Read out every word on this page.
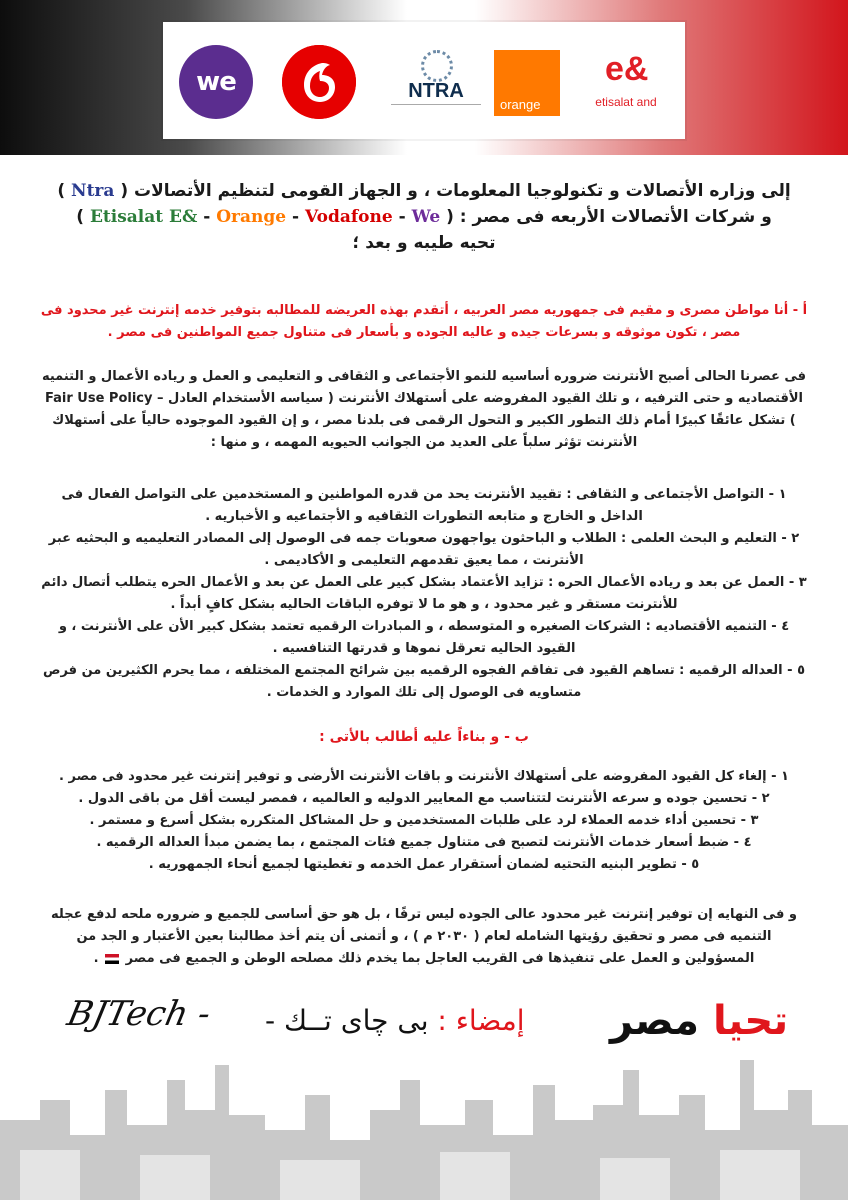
we	NTRA
orange
e&
etisalat and
إلى وزاره الأتصالات و تكنولوجيا المعلومات ، و الجهاز القومى لتنظيم الأتصالات ( Ntra )
و شركات الأتصالات الأربعه فى مصر : ( Etisalat E& - Orange - Vodafone - We )
تحيه طيبه و بعد ؛
أ - أنا مواطن مصرى و مقيم فى جمهوريه مصر العربيه ، أتقدم بهذه العريضه للمطالبه بتوفير خدمه إنترنت غير محدود فى مصر ، تكون موثوقه و بسرعات جيده و عاليه الجوده و بأسعار فى متناول جميع المواطنين فى مصر .
فى عصرنا الحالى أصبح الأنترنت ضروره أساسيه للنمو الأجتماعى و الثقافى و التعليمى و العمل و رياده الأعمال و التنميه الأقتصاديه و حتى الترفيه ، و تلك القيود المفروضه على أستهلاك الأنترنت ( سياسه الأستخدام العادل – Fair Use Policy ) تشكل عائقًا كبيرًا أمام ذلك التطور الكبير و التحول الرقمى فى بلدنا مصر ، و إن القيود الموجوده حالياً على أستهلاك الأنترنت تؤثر سلباً على العديد من الجوانب الحيويه المهمه ، و منها :
١ - التواصل الأجتماعى و الثقافى : تقييد الأنترنت يحد من قدره المواطنين و المستخدمين على التواصل الفعال فى الداخل و الخارج و متابعه التطورات الثقافيه و الأجتماعيه و الأخباريه .
٢ - التعليم و البحث العلمى : الطلاب و الباحثون يواجهون صعوبات جمه فى الوصول إلى المصادر التعليميه و البحثيه عبر الأنترنت ، مما يعيق تقدمهم التعليمى و الأكاديمى .
٣ - العمل عن بعد و رياده الأعمال الحره : تزايد الأعتماد بشكل كبير على العمل عن بعد و الأعمال الحره يتطلب أتصال دائم للأنترنت مستقر و غير محدود ، و هو ما لا توفره الباقات الحاليه بشكل كافٍ أبداً .
٤ - التنميه الأقتصاديه : الشركات الصغيره و المتوسطه ، و المبادرات الرقميه تعتمد بشكل كبير الأن على الأنترنت ، و القيود الحاليه تعرقل نموها و قدرتها التنافسيه .
٥ - العداله الرقميه : تساهم القيود فى تفاقم الفجوه الرقميه بين شرائح المجتمع المختلفه ، مما يحرم الكثيرين من فرص متساويه فى الوصول إلى تلك الموارد و الخدمات .
ب - و بناءاً عليه أطالب بالأتى :
١ - إلغاء كل القيود المفروضه على أستهلاك الأنترنت و باقات الأنترنت الأرضى و توفير إنترنت غير محدود فى مصر .
٢ - تحسين جوده و سرعه الأنترنت لتتناسب مع المعايير الدوليه و العالميه ، فمصر ليست أقل من باقى الدول .
٣ - تحسين أداء خدمه العملاء لرد على طلبات المستخدمين و حل المشاكل المتكرره بشكل أسرع و مستمر .
٤ - ضبط أسعار خدمات الأنترنت لتصبح فى متناول جميع فئات المجتمع ، بما يضمن مبدأ العداله الرقميه .
٥ - تطوير البنيه التحتيه لضمان أستقرار عمل الخدمه و تغطيتها لجميع أنحاء الجمهوريه .
و فى النهايه إن توفير إنترنت غير محدود عالى الجوده ليس ترفًا ، بل هو حق أساسى للجميع و ضروره ملحه لدفع عجله التنميه فى مصر و تحقيق رؤيتها الشامله لعام ( ٢٠٣٠ م ) ، و أتمنى أن يتم أخذ مطالبنا بعين الأعتبار و الجد من المسؤولين و العمل على تنفيذها فى القريب العاجل بما يخدم ذلك مصلحه الوطن و الجميع فى مصر  .
BJTech -	إمضاء : بى چاى تــك -	تحيا مصر
